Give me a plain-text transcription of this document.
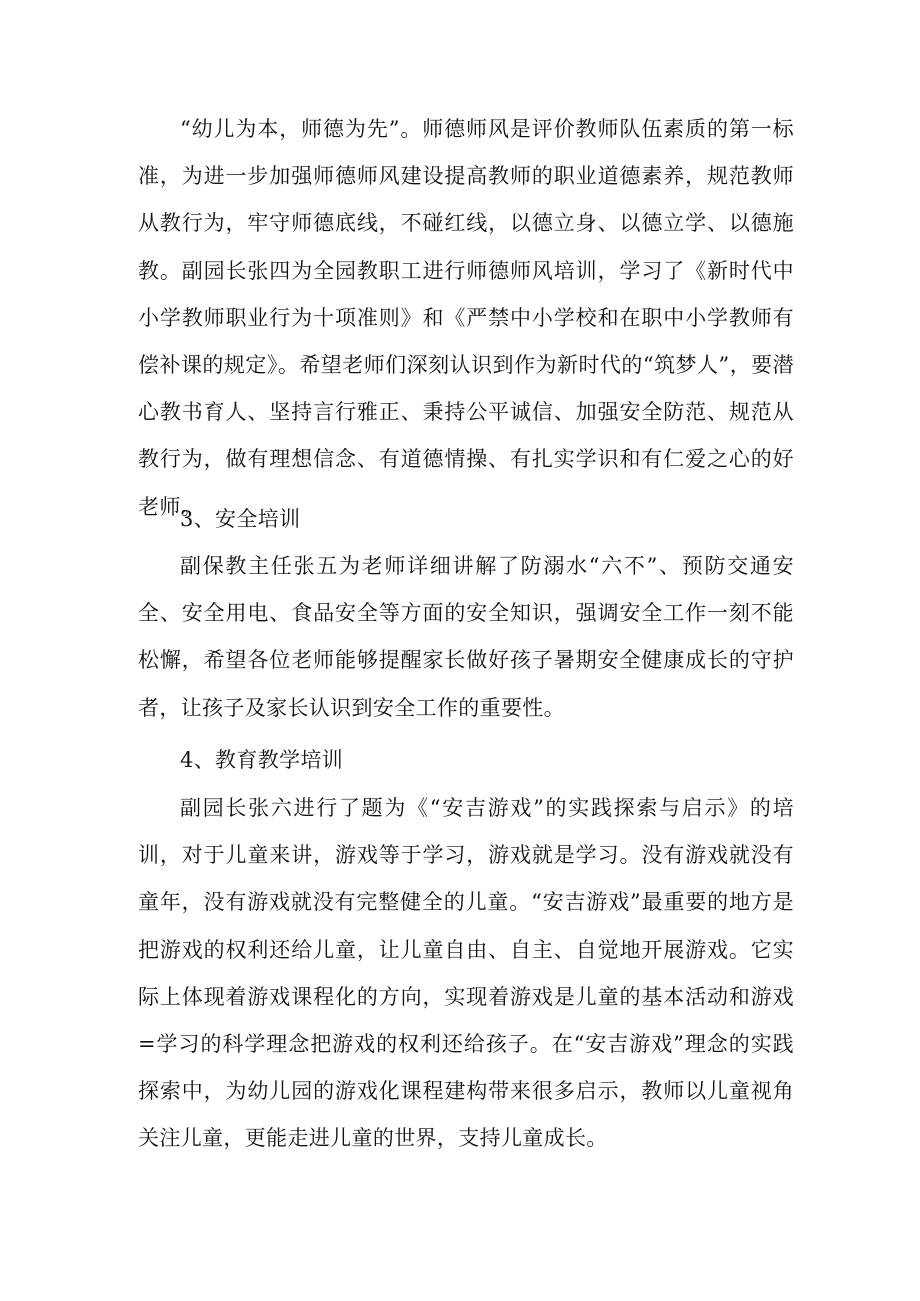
“幼儿为本，师德为先”。师德师风是评价教师队伍素质的第一标准，为进一步加强师德师风建设提高教师的职业道德素养，规范教师从教行为，牢守师德底线，不碰红线，以德立身、以德立学、以德施教。副园长张四为全园教职工进行师德师风培训，学习了《新时代中小学教师职业行为十项准则》和《严禁中小学校和在职中小学教师有偿补课的规定》。希望老师们深刻认识到作为新时代的“筑梦人”，要潜心教书育人、坚持言行雅正、秉持公平诚信、加强安全防范、规范从教行为，做有理想信念、有道德情操、有扎实学识和有仁爱之心的好老师。

3、安全培训

副保教主任张五为老师详细讲解了防溺水“六不”、预防交通安全、安全用电、食品安全等方面的安全知识，强调安全工作一刻不能松懈，希望各位老师能够提醒家长做好孩子暑期安全健康成长的守护者，让孩子及家长认识到安全工作的重要性。

4、教育教学培训

副园长张六进行了题为《“安吉游戏”的实践探索与启示》的培训，对于儿童来讲，游戏等于学习，游戏就是学习。没有游戏就没有童年，没有游戏就没有完整健全的儿童。“安吉游戏”最重要的地方是把游戏的权利还给儿童，让儿童自由、自主、自觉地开展游戏。它实际上体现着游戏课程化的方向，实现着游戏是儿童的基本活动和游戏=学习的科学理念把游戏的权利还给孩子。在“安吉游戏”理念的实践探索中，为幼儿园的游戏化课程建构带来很多启示，教师以儿童视角关注儿童，更能走进儿童的世界，支持儿童成长。
